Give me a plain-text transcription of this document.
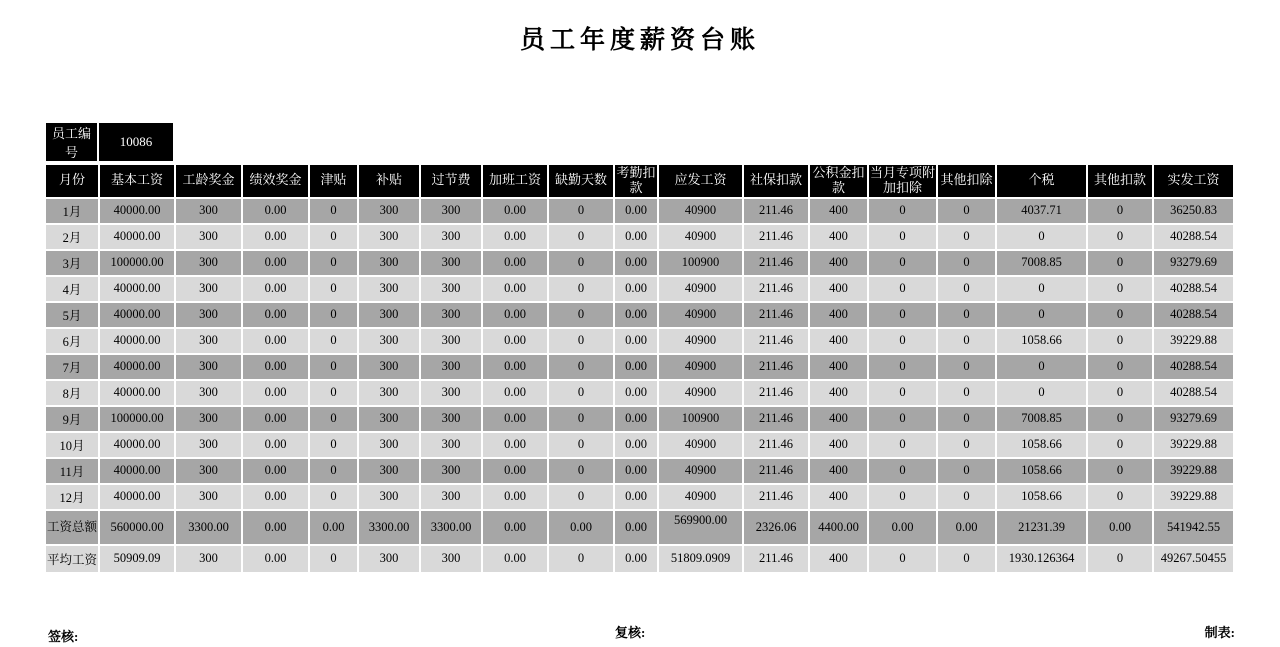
员工年度薪资台账
员工编号	10086
月份	基本工资	工龄奖金	绩效奖金	津贴	补贴	过节费	加班工资	缺勤天数	考勤扣款	应发工资	社保扣款	公积金扣款	当月专项附加扣除	其他扣除	个税	其他扣款	实发工资
1月	40000.00	300	0.00	0	300	300	0.00	0	0.00	40900	211.46	400	0	0	4037.71	0	36250.83
2月	40000.00	300	0.00	0	300	300	0.00	0	0.00	40900	211.46	400	0	0	0	0	40288.54
3月	100000.00	300	0.00	0	300	300	0.00	0	0.00	100900	211.46	400	0	0	7008.85	0	93279.69
4月	40000.00	300	0.00	0	300	300	0.00	0	0.00	40900	211.46	400	0	0	0	0	40288.54
5月	40000.00	300	0.00	0	300	300	0.00	0	0.00	40900	211.46	400	0	0	0	0	40288.54
6月	40000.00	300	0.00	0	300	300	0.00	0	0.00	40900	211.46	400	0	0	1058.66	0	39229.88
7月	40000.00	300	0.00	0	300	300	0.00	0	0.00	40900	211.46	400	0	0	0	0	40288.54
8月	40000.00	300	0.00	0	300	300	0.00	0	0.00	40900	211.46	400	0	0	0	0	40288.54
9月	100000.00	300	0.00	0	300	300	0.00	0	0.00	100900	211.46	400	0	0	7008.85	0	93279.69
10月	40000.00	300	0.00	0	300	300	0.00	0	0.00	40900	211.46	400	0	0	1058.66	0	39229.88
11月	40000.00	300	0.00	0	300	300	0.00	0	0.00	40900	211.46	400	0	0	1058.66	0	39229.88
12月	40000.00	300	0.00	0	300	300	0.00	0	0.00	40900	211.46	400	0	0	1058.66	0	39229.88
工资总额	560000.00	3300.00	0.00	0.00	3300.00	3300.00	0.00	0.00	0.00	569900.00	2326.06	4400.00	0.00	0.00	21231.39	0.00	541942.55
平均工资	50909.09	300	0.00	0	300	300	0.00	0	0.00	51809.0909	211.46	400	0	0	1930.126364	0	49267.50455
签核:	复核:	制表:
